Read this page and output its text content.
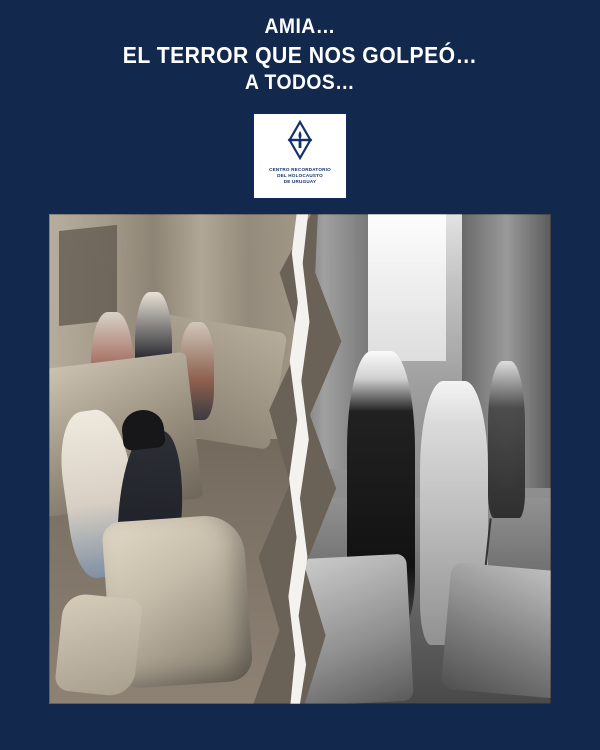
AMIA…
EL TERROR QUE NOS GOLPEÓ…
A TODOS…
CENTRO RECORDATORIO
DEL HOLOCAUSTO
DE URUGUAY
